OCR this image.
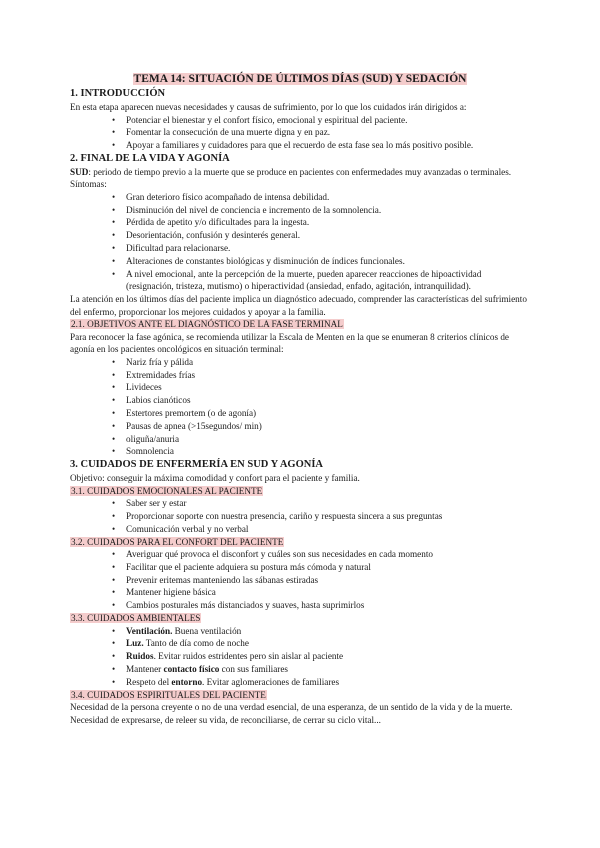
TEMA 14: SITUACIÓN DE ÚLTIMOS DÍAS (SUD) Y SEDACIÓN
1. INTRODUCCIÓN

En esta etapa aparecen nuevas necesidades y causas de sufrimiento, por lo que los cuidados irán dirigidos a:

• Potenciar el bienestar y el confort físico, emocional y espiritual del paciente.
• Fomentar la consecución de una muerte digna y en paz.
• Apoyar a familiares y cuidadores para que el recuerdo de esta fase sea lo más positivo posible.
2. FINAL DE LA VIDA Y AGONÍA

SUD: periodo de tiempo previo a la muerte que se produce en pacientes con enfermedades muy avanzadas o terminales. Síntomas:

• Gran deterioro físico acompañado de intensa debilidad.
• Disminución del nivel de conciencia e incremento de la somnolencia.
• Pérdida de apetito y/o dificultades para la ingesta.
• Desorientación, confusión y desinterés general.
• Dificultad para relacionarse.
• Alteraciones de constantes biológicas y disminución de índices funcionales.
• A nivel emocional, ante la percepción de la muerte, pueden aparecer reacciones de hipoactividad (resignación, tristeza, mutismo) o hiperactividad (ansiedad, enfado, agitación, intranquilidad).

La atención en los últimos días del paciente implica un diagnóstico adecuado, comprender las características del sufrimiento del enfermo, proporcionar los mejores cuidados y apoyar a la familia.

2.1. OBJETIVOS ANTE EL DIAGNÓSTICO DE LA FASE TERMINAL

Para reconocer la fase agónica, se recomienda utilizar la Escala de Menten en la que se enumeran 8 criterios clínicos de agonía en los pacientes oncológicos en situación terminal:

• Nariz fría y pálida
• Extremidades frías
• Livideces
• Labios cianóticos
• Estertores premortem (o de agonía)
• Pausas de apnea (>15segundos/ min)
• oliguña/anuria
• Somnolencia
3. CUIDADOS DE ENFERMERÍA EN SUD Y AGONÍA

Objetivo: conseguir la máxima comodidad y confort para el paciente y familia.

3.1. CUIDADOS EMOCIONALES AL PACIENTE
• Saber ser y estar
• Proporcionar soporte con nuestra presencia, cariño y respuesta sincera a sus preguntas
• Comunicación verbal y no verbal
3.2. CUIDADOS PARA EL CONFORT DEL PACIENTE
• Averiguar qué provoca el disconfort y cuáles son sus necesidades en cada momento
• Facilitar que el paciente adquiera su postura más cómoda y natural
• Prevenir eritemas manteniendo las sábanas estiradas
• Mantener higiene básica
• Cambios posturales más distanciados y suaves, hasta suprimirlos
3.3. CUIDADOS AMBIENTALES
• Ventilación. Buena ventilación
• Luz. Tanto de día como de noche
• Ruidos. Evitar ruidos estridentes pero sin aislar al paciente
• Mantener contacto físico con sus familiares
• Respeto del entorno. Evitar aglomeraciones de familiares
3.4. CUIDADOS ESPIRITUALES DEL PACIENTE

Necesidad de la persona creyente o no de una verdad esencial, de una esperanza, de un sentido de la vida y de la muerte. Necesidad de expresarse, de releer su vida, de reconciliarse, de cerrar su ciclo vital...
